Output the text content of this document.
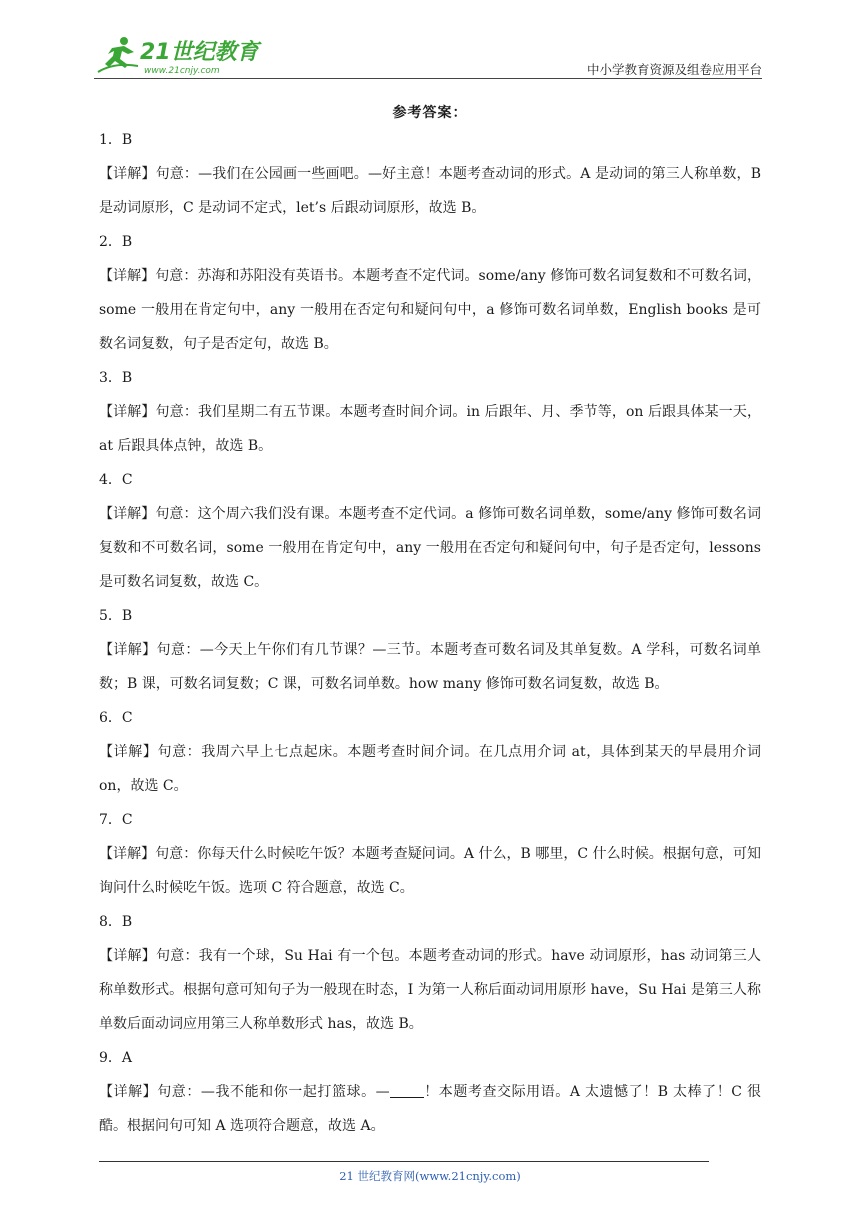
21世纪教育
www.21cnjy.com	中小学教育资源及组卷应用平台
参考答案：

1．B

【详解】句意：—我们在公园画一些画吧。—好主意！本题考查动词的形式。A 是动词的第三人称单数，B 是动词原形，C 是动词不定式，let’s 后跟动词原形，故选 B。

2．B

【详解】句意：苏海和苏阳没有英语书。本题考查不定代词。some/any 修饰可数名词复数和不可数名词，some 一般用在肯定句中，any 一般用在否定句和疑问句中，a 修饰可数名词单数，English books 是可数名词复数，句子是否定句，故选 B。

3．B

【详解】句意：我们星期二有五节课。本题考查时间介词。in 后跟年、月、季节等，on 后跟具体某一天，at 后跟具体点钟，故选 B。

4．C

【详解】句意：这个周六我们没有课。本题考查不定代词。a 修饰可数名词单数，some/any 修饰可数名词复数和不可数名词，some 一般用在肯定句中，any 一般用在否定句和疑问句中，句子是否定句，lessons 是可数名词复数，故选 C。

5．B

【详解】句意：—今天上午你们有几节课？—三节。本题考查可数名词及其单复数。A 学科，可数名词单数；B 课，可数名词复数；C 课，可数名词单数。how many 修饰可数名词复数，故选 B。

6．C

【详解】句意：我周六早上七点起床。本题考查时间介词。在几点用介词 at，具体到某天的早晨用介词 on，故选 C。

7．C

【详解】句意：你每天什么时候吃午饭？本题考查疑问词。A 什么，B 哪里，C 什么时候。根据句意，可知询问什么时候吃午饭。选项 C 符合题意，故选 C。

8．B

【详解】句意：我有一个球，Su Hai 有一个包。本题考查动词的形式。have 动词原形，has 动词第三人称单数形式。根据句意可知句子为一般现在时态，I 为第一人称后面动词用原形 have，Su Hai 是第三人称单数后面动词应用第三人称单数形式 has，故选 B。

9．A

【详解】句意：—我不能和你一起打篮球。— ！本题考查交际用语。A 太遗憾了！B 太棒了！C 很酷。根据问句可知 A 选项符合题意，故选 A。

21 世纪教育网(www.21cnjy.com)
